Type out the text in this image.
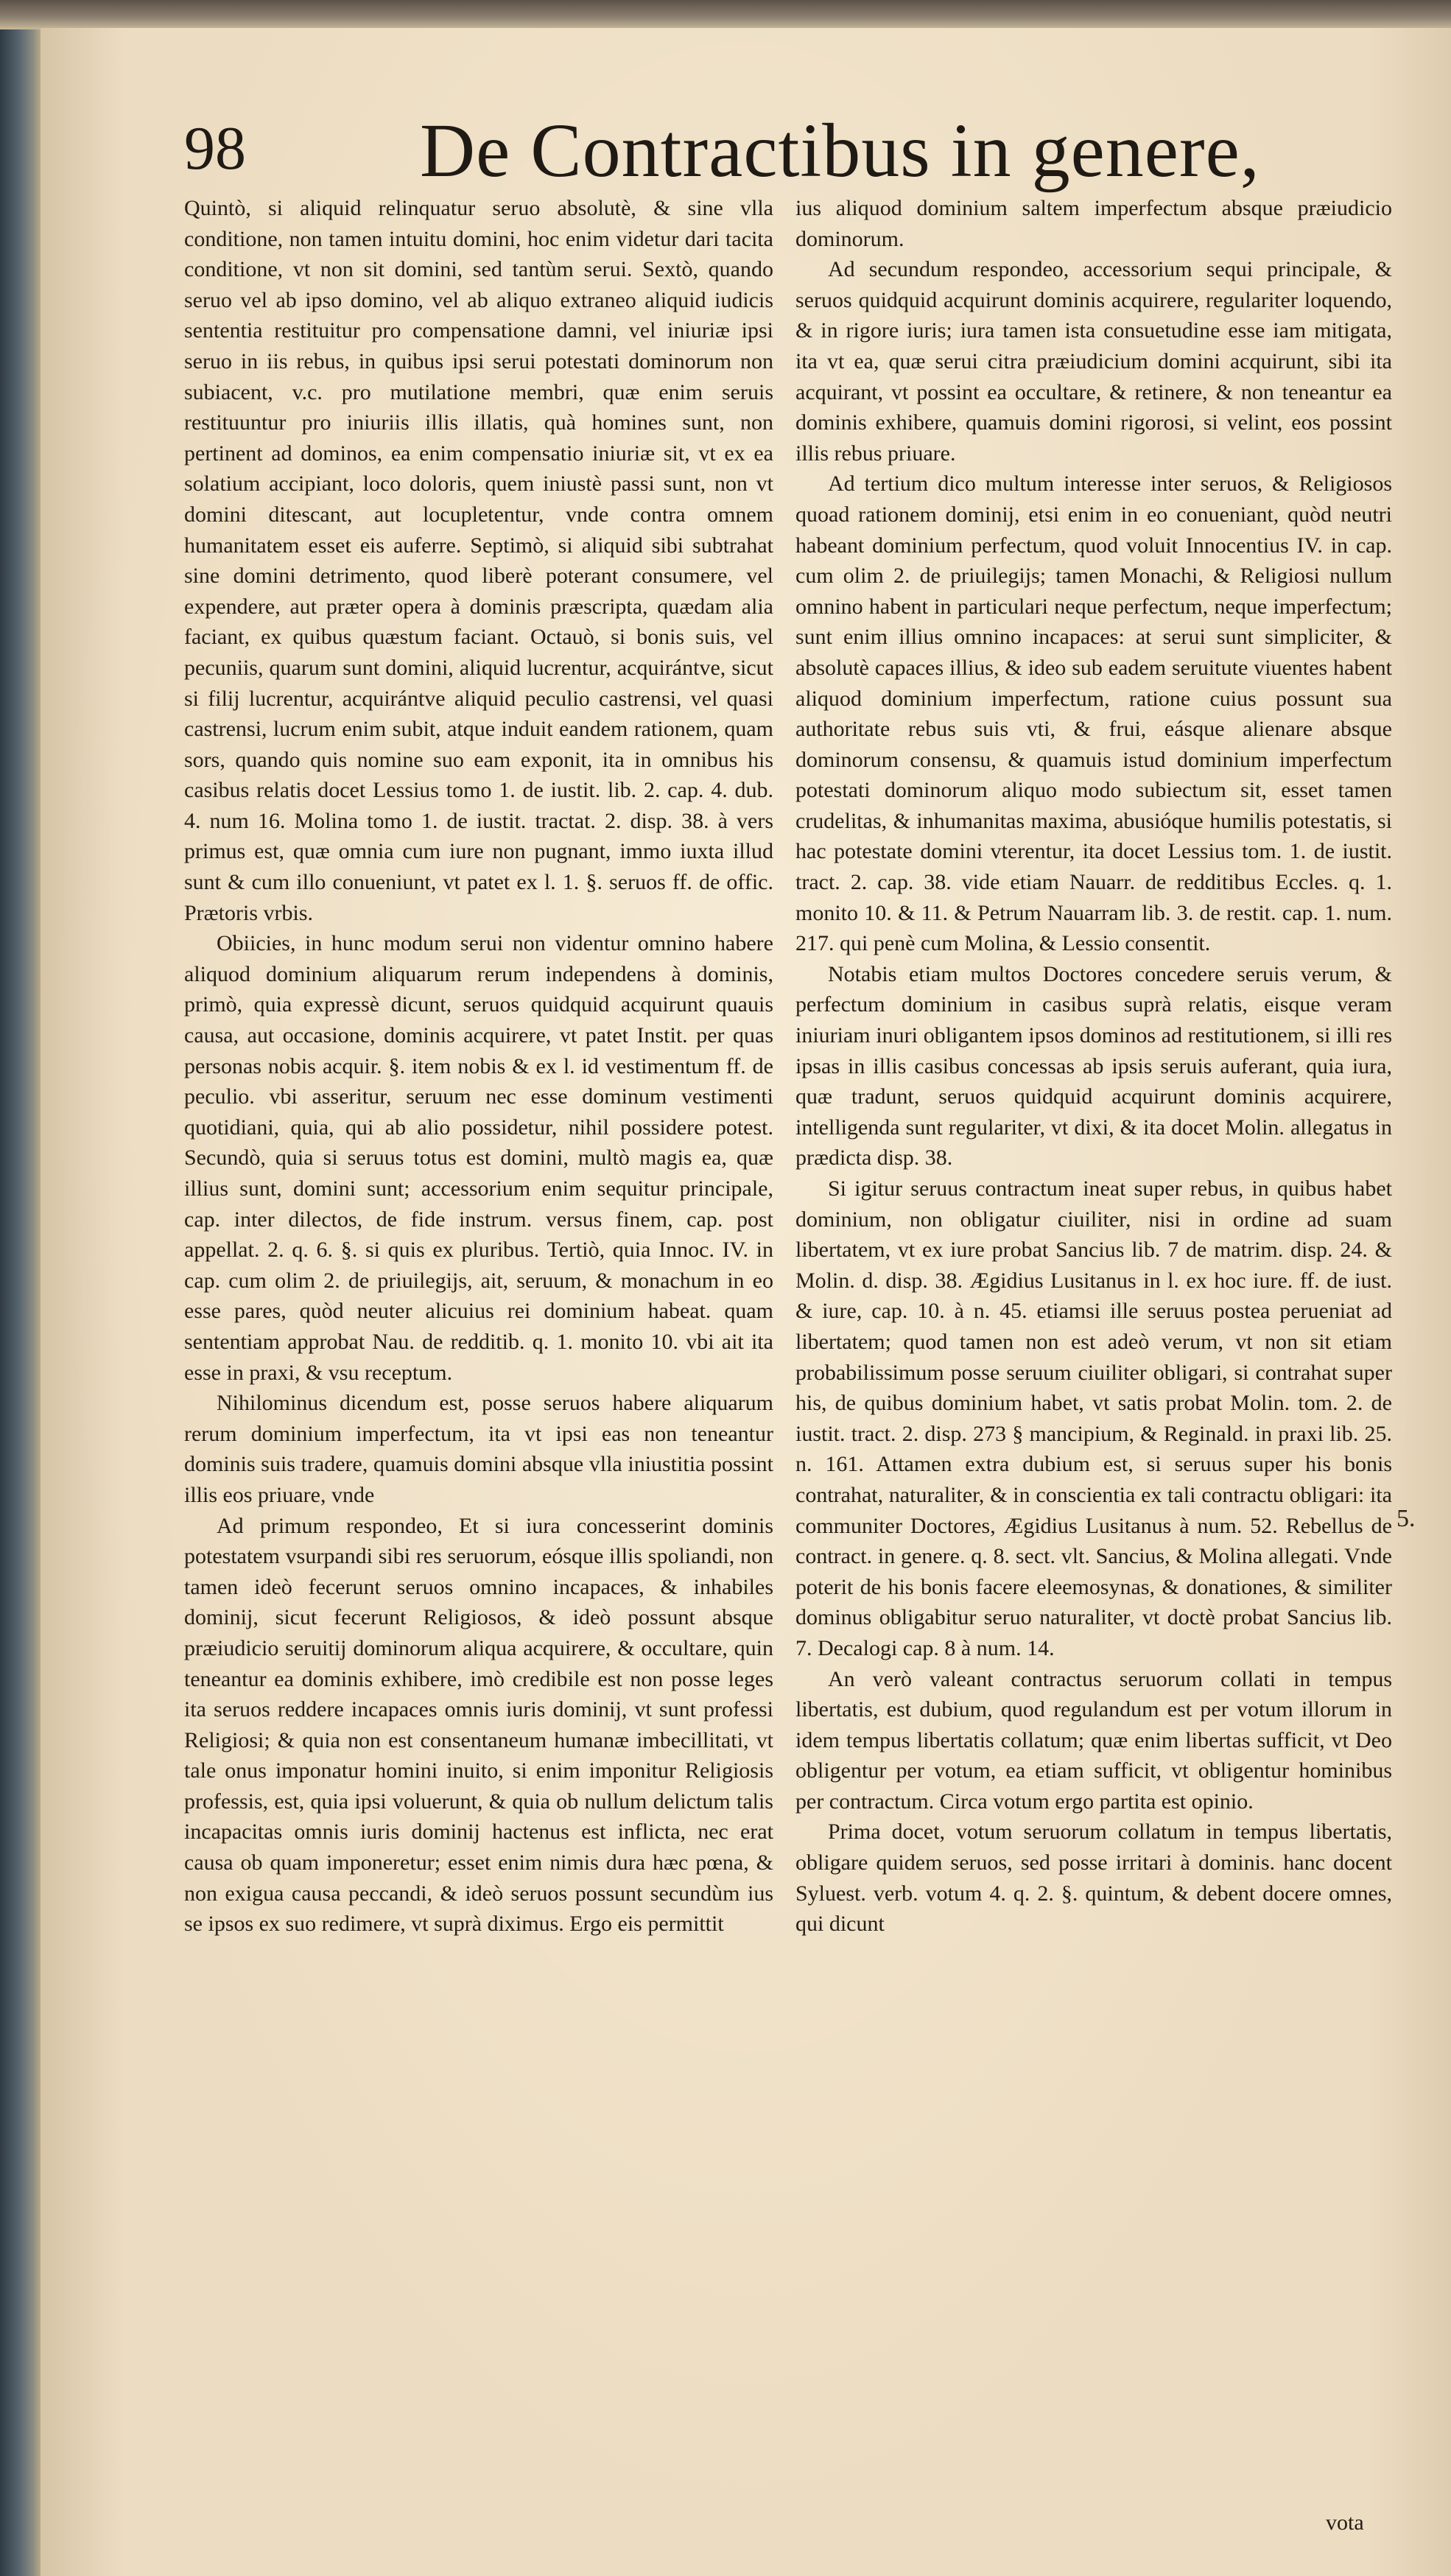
98 De Contractibus in genere,

Quintò, si aliquid relinquatur seruo absolutè, & sine vlla conditione, non tamen intuitu domini, hoc enim videtur dari tacita conditione, vt non sit domini, sed tantùm serui. Sextò, quando seruo vel ab ipso domino, vel ab aliquo extraneo aliquid iudicis sententia restituitur pro compensatione damni, vel iniuriæ ipsi seruo in iis rebus, in quibus ipsi serui potestati dominorum non subiacent, v.c. pro mutilatione membri, quæ enim seruis restituuntur pro iniuriis illis illatis, quà homines sunt, non pertinent ad dominos, ea enim compensatio iniuriæ sit, vt ex ea solatium accipiant, loco doloris, quem iniustè passi sunt, non vt domini ditescant, aut locupletentur, vnde contra omnem humanitatem esset eis auferre. Septimò, si aliquid sibi subtrahat sine domini detrimento, quod liberè poterant consumere, vel expendere, aut præter opera à dominis præscripta, quædam alia faciant, ex quibus quæstum faciant. Octauò, si bonis suis, vel pecuniis, quarum sunt domini, aliquid lucrentur, acquirántve, sicut si filij lucrentur, acquirántve aliquid peculio castrensi, vel quasi castrensi, lucrum enim subit, atque induit eandem rationem, quam sors, quando quis nomine suo eam exponit, ita in omnibus his casibus relatis docet Lessius tomo 1. de iustit. lib. 2. cap. 4. dub. 4. num 16. Molina tomo 1. de iustit. tractat. 2. disp. 38. à vers primus est, quæ omnia cum iure non pugnant, immo iuxta illud sunt & cum illo conueniunt, vt patet ex l. 1. §. seruos ff. de offic. Prætoris vrbis.

Obiicies, in hunc modum serui non videntur omnino habere aliquod dominium aliquarum rerum independens à dominis, primò, quia expressè dicunt, seruos quidquid acquirunt quauis causa, aut occasione, dominis acquirere, vt patet Instit. per quas personas nobis acquir. §. item nobis & ex l. id vestimentum ff. de peculio. vbi asseritur, seruum nec esse dominum vestimenti quotidiani, quia, qui ab alio possidetur, nihil possidere potest. Secundò, quia si seruus totus est domini, multò magis ea, quæ illius sunt, domini sunt; accessorium enim sequitur principale, cap. inter dilectos, de fide instrum. versus finem, cap. post appellat. 2. q. 6. §. si quis ex pluribus. Tertiò, quia Innoc. IV. in cap. cum olim 2. de priuilegijs, ait, seruum, & monachum in eo esse pares, quòd neuter alicuius rei dominium habeat. quam sententiam approbat Nau. de redditib. q. 1. monito 10. vbi ait ita esse in praxi, & vsu receptum.

Nihilominus dicendum est, posse seruos habere aliquarum rerum dominium imperfectum, ita vt ipsi eas non teneantur dominis suis tradere, quamuis domini absque vlla iniustitia possint illis eos priuare, vnde

Ad primum respondeo, Et si iura concesserint dominis potestatem vsurpandi sibi res seruorum, eósque illis spoliandi, non tamen ideò fecerunt seruos omnino incapaces, & inhabiles dominij, sicut fecerunt Religiosos, & ideò possunt absque præiudicio seruitij dominorum aliqua acquirere, & occultare, quin teneantur ea dominis exhibere, imò credibile est non posse leges ita seruos reddere incapaces omnis iuris dominij, vt sunt professi Religiosi; & quia non est consentaneum humanæ imbecillitati, vt tale onus imponatur homini inuito, si enim imponitur Religiosis professis, est, quia ipsi voluerunt, & quia ob nullum delictum talis incapacitas omnis iuris dominij hactenus est inflicta, nec erat causa ob quam imponeretur; esset enim nimis dura hæc pœna, & non exigua causa peccandi, & ideò seruos possunt secundùm ius se ipsos ex suo redimere, vt suprà diximus. Ergo eis permittit

ius aliquod dominium saltem imperfectum absque præiudicio dominorum.

Ad secundum respondeo, accessorium sequi principale, & seruos quidquid acquirunt dominis acquirere, regulariter loquendo, & in rigore iuris; iura tamen ista consuetudine esse iam mitigata, ita vt ea, quæ serui citra præiudicium domini acquirunt, sibi ita acquirant, vt possint ea occultare, & retinere, & non teneantur ea dominis exhibere, quamuis domini rigorosi, si velint, eos possint illis rebus priuare.

Ad tertium dico multum interesse inter seruos, & Religiosos quoad rationem dominij, etsi enim in eo conueniant, quòd neutri habeant dominium perfectum, quod voluit Innocentius IV. in cap. cum olim 2. de priuilegijs; tamen Monachi, & Religiosi nullum omnino habent in particulari neque perfectum, neque imperfectum; sunt enim illius omnino incapaces: at serui sunt simpliciter, & absolutè capaces illius, & ideo sub eadem seruitute viuentes habent aliquod dominium imperfectum, ratione cuius possunt sua authoritate rebus suis vti, & frui, eásque alienare absque dominorum consensu, & quamuis istud dominium imperfectum potestati dominorum aliquo modo subiectum sit, esset tamen crudelitas, & inhumanitas maxima, abusióque humilis potestatis, si hac potestate domini vterentur, ita docet Lessius tom. 1. de iustit. tract. 2. cap. 38. vide etiam Nauarr. de redditibus Eccles. q. 1. monito 10. & 11. & Petrum Nauarram lib. 3. de restit. cap. 1. num. 217. qui penè cum Molina, & Lessio consentit.

Notabis etiam multos Doctores concedere seruis verum, & perfectum dominium in casibus suprà relatis, eisque veram iniuriam inuri obligantem ipsos dominos ad restitutionem, si illi res ipsas in illis casibus concessas ab ipsis seruis auferant, quia iura, quæ tradunt, seruos quidquid acquirunt dominis acquirere, intelligenda sunt regulariter, vt dixi, & ita docet Molin. allegatus in prædicta disp. 38.

Si igitur seruus contractum ineat super rebus, in quibus habet dominium, non obligatur ciuiliter, nisi in ordine ad suam libertatem, vt ex iure probat Sancius lib. 7 de matrim. disp. 24. & Molin. d. disp. 38. Ægidius Lusitanus in l. ex hoc iure. ff. de iust. & iure, cap. 10. à n. 45. etiamsi ille seruus postea perueniat ad libertatem; quod tamen non est adeò verum, vt non sit etiam probabilissimum posse seruum ciuiliter obligari, si contrahat super his, de quibus dominium habet, vt satis probat Molin. tom. 2. de iustit. tract. 2. disp. 273 § mancipium, & Reginald. in praxi lib. 25. n. 161. Attamen extra dubium est, si seruus super his bonis contrahat, naturaliter, & in conscientia ex tali contractu obligari: ita communiter Doctores, Ægidius Lusitanus à num. 52. Rebellus de contract. in genere. q. 8. sect. vlt. Sancius, & Molina allegati. Vnde poterit de his bonis facere eleemosynas, & donationes, & similiter dominus obligabitur seruo naturaliter, vt doctè probat Sancius lib. 7. Decalogi cap. 8 à num. 14.

An verò valeant contractus seruorum collati in tempus libertatis, est dubium, quod regulandum est per votum illorum in idem tempus libertatis collatum; quæ enim libertas sufficit, vt Deo obligentur per votum, ea etiam sufficit, vt obligentur hominibus per contractum. Circa votum ergo partita est opinio.

Prima docet, votum seruorum collatum in tempus libertatis, obligare quidem seruos, sed posse irritari à dominis. hanc docent Syluest. verb. votum 4. q. 2. §. quintum, & debent docere omnes, qui dicunt

5.
vota
